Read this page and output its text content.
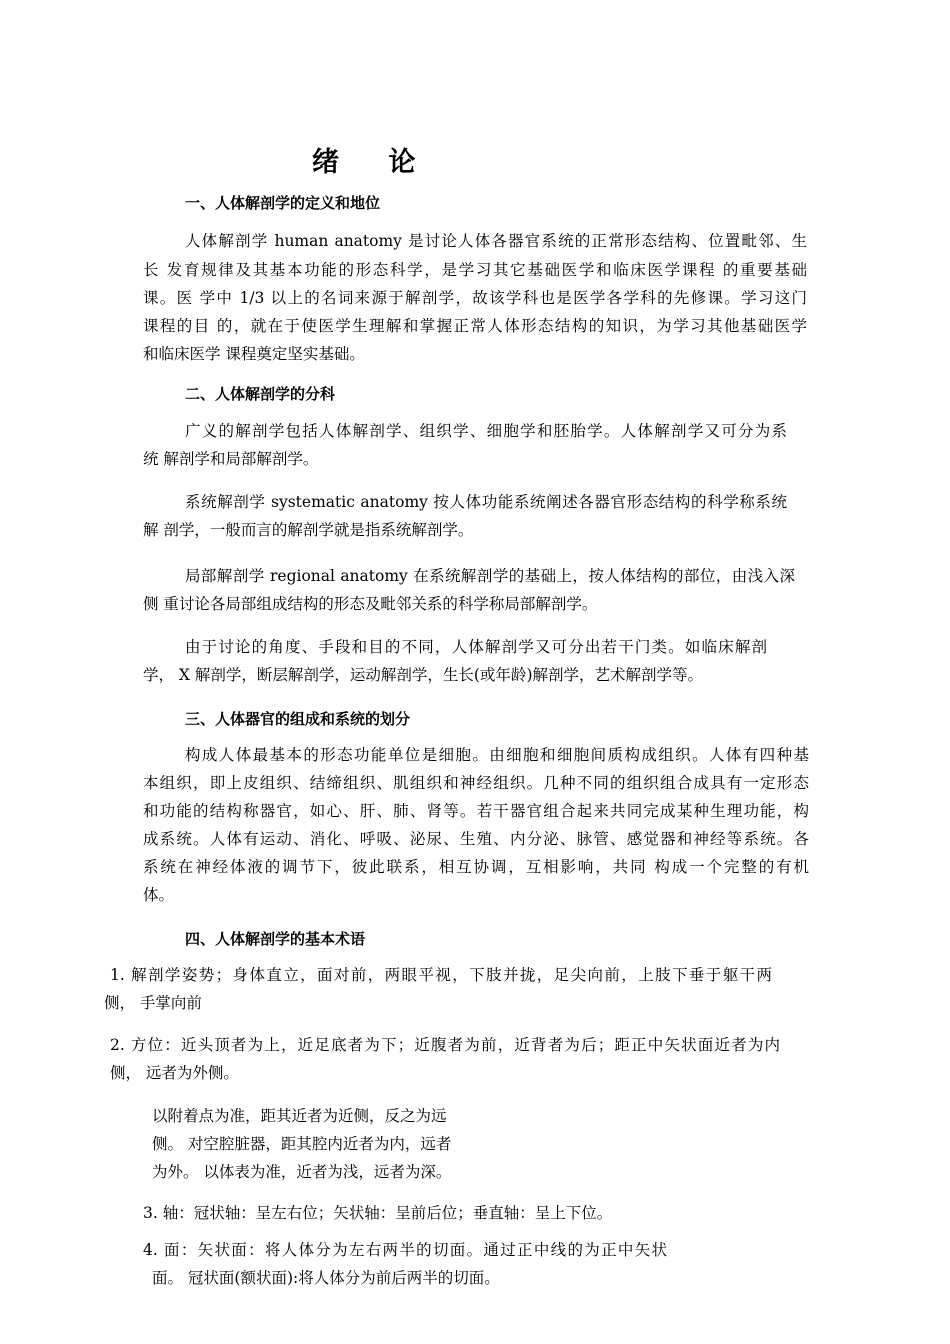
绪 论
一、人体解剖学的定义和地位
人体解剖学 human anatomy 是讨论人体各器官系统的正常形态结构、位置毗邻、生
长 发育规律及其基本功能的形态科学，是学习其它基础医学和临床医学课程 的重要基础
课。医 学中 1/3 以上的名词来源于解剖学，故该学科也是医学各学科的先修课。学习这门
课程的目 的，就在于使医学生理解和掌握正常人体形态结构的知识，为学习其他基础医学
和临床医学 课程奠定坚实基础。
二、人体解剖学的分科
广义的解剖学包括人体解剖学、组织学、细胞学和胚胎学。人体解剖学又可分为系
统 解剖学和局部解剖学。
系统解剖学 systematic anatomy 按人体功能系统阐述各器官形态结构的科学称系统
解 剖学，一般而言的解剖学就是指系统解剖学。
局部解剖学 regional anatomy 在系统解剖学的基础上，按人体结构的部位，由浅入深
侧 重讨论各局部组成结构的形态及毗邻关系的科学称局部解剖学。
由于讨论的角度、手段和目的不同，人体解剖学又可分出若干门类。如临床解剖
学， X 解剖学，断层解剖学，运动解剖学，生长(或年龄)解剖学，艺术解剖学等。
三、人体器官的组成和系统的划分
构成人体最基本的形态功能单位是细胞。由细胞和细胞间质构成组织。人体有四种基
本组织，即上皮组织、结缔组织、肌组织和神经组织。几种不同的组织组合成具有一定形态
和功能的结构称器官，如心、肝、肺、肾等。若干器官组合起来共同完成某种生理功能，构
成系统。人体有运动、消化、呼吸、泌尿、生殖、内分泌、脉管、感觉器和神经等系统。各
系统在神经体液的调节下，彼此联系，相互协调，互相影响，共同 构成一个完整的有机
体。
四、人体解剖学的基本术语
1. 解剖学姿势；身体直立，面对前，两眼平视，下肢并拢，足尖向前，上肢下垂于躯干两
侧， 手掌向前
2. 方位：近头顶者为上，近足底者为下；近腹者为前，近背者为后；距正中矢状面近者为内
侧， 远者为外侧。
以附着点为准，距其近者为近侧，反之为远
侧。 对空腔脏器，距其腔内近者为内，远者
为外。 以体表为准，近者为浅，远者为深。
3. 轴：冠状轴：呈左右位；矢状轴：呈前后位；垂直轴：呈上下位。
4. 面：矢状面：将人体分为左右两半的切面。通过正中线的为正中矢状
面。 冠状面(额状面):将人体分为前后两半的切面。
